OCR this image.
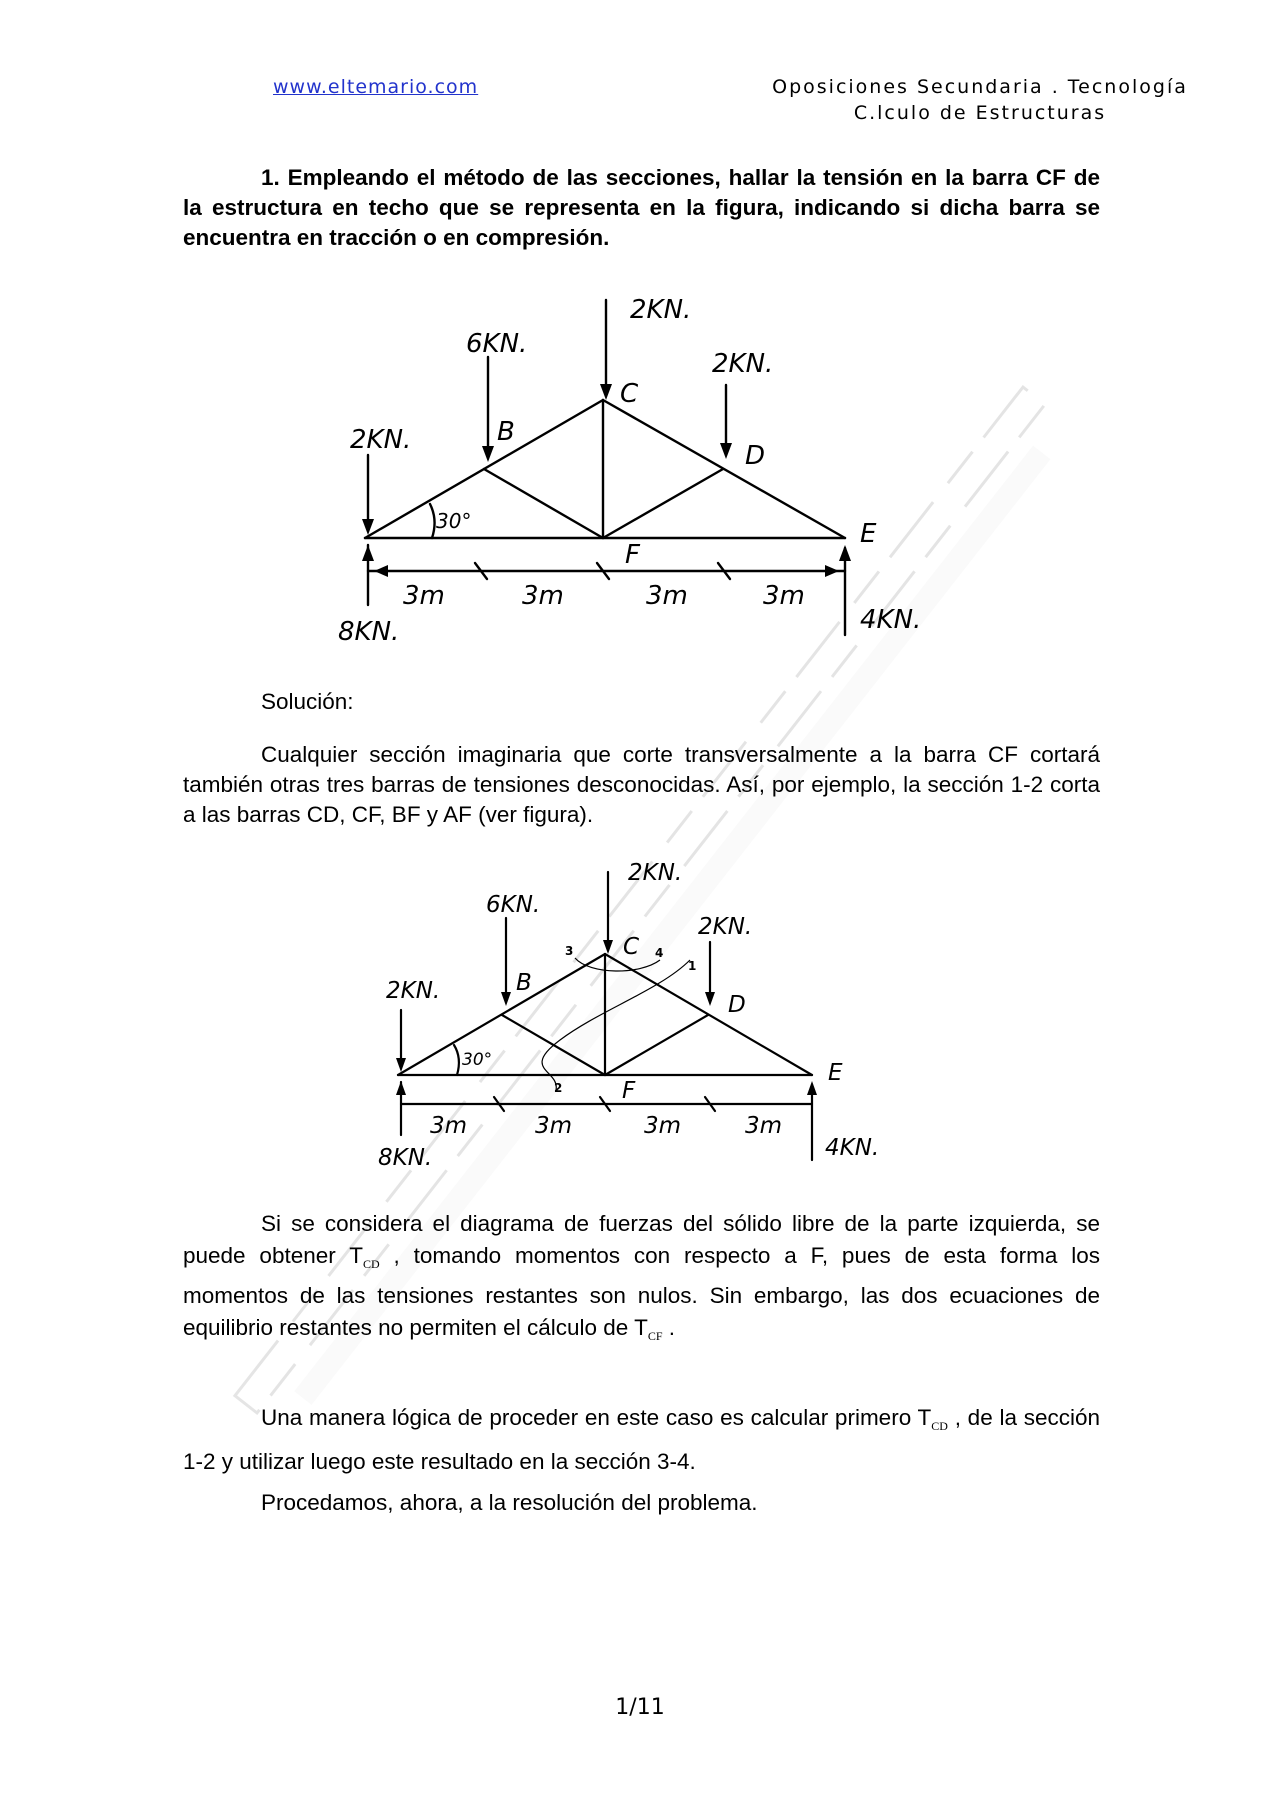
www.eltemario.com	Oposiciones Secundaria . Tecnología
C.lculo de Estructuras

1. Empleando el método de las secciones, hallar la tensión en la barra CF de la estructura en techo que se representa en la figura, indicando si dicha barra se encuentra en tracción o en compresión.

2KN.
6KN.
2KN.
2KN.
8KN.	4KN.
C
B
D
E
F
30°
3m	3m	3m	3m
Solución:

Cualquier sección imaginaria que corte transversalmente a la barra CF cortará también otras tres barras de tensiones desconocidas. Así, por ejemplo, la sección 1-2 corta a las barras CD, CF, BF y AF (ver figura).

2KN.
6KN.
2KN.
2KN.
8KN.	4KN.
C
B
D
E
F
30°
3m	3m	3m	3m
1
2
3	4

Si se considera el diagrama de fuerzas del sólido libre de la parte izquierda, se puede obtener $T_{CD}$ , tomando momentos con respecto a F, pues de esta forma los momentos de las tensiones restantes son nulos. Sin embargo, las dos ecuaciones de equilibrio restantes no permiten el cálculo de $T_{CF}$ .

Una manera lógica de proceder en este caso es calcular primero $T_{CD}$ , de la sección 1-2 y utilizar luego este resultado en la sección 3-4.

Procedamos, ahora, a la resolución del problema.

1/11
